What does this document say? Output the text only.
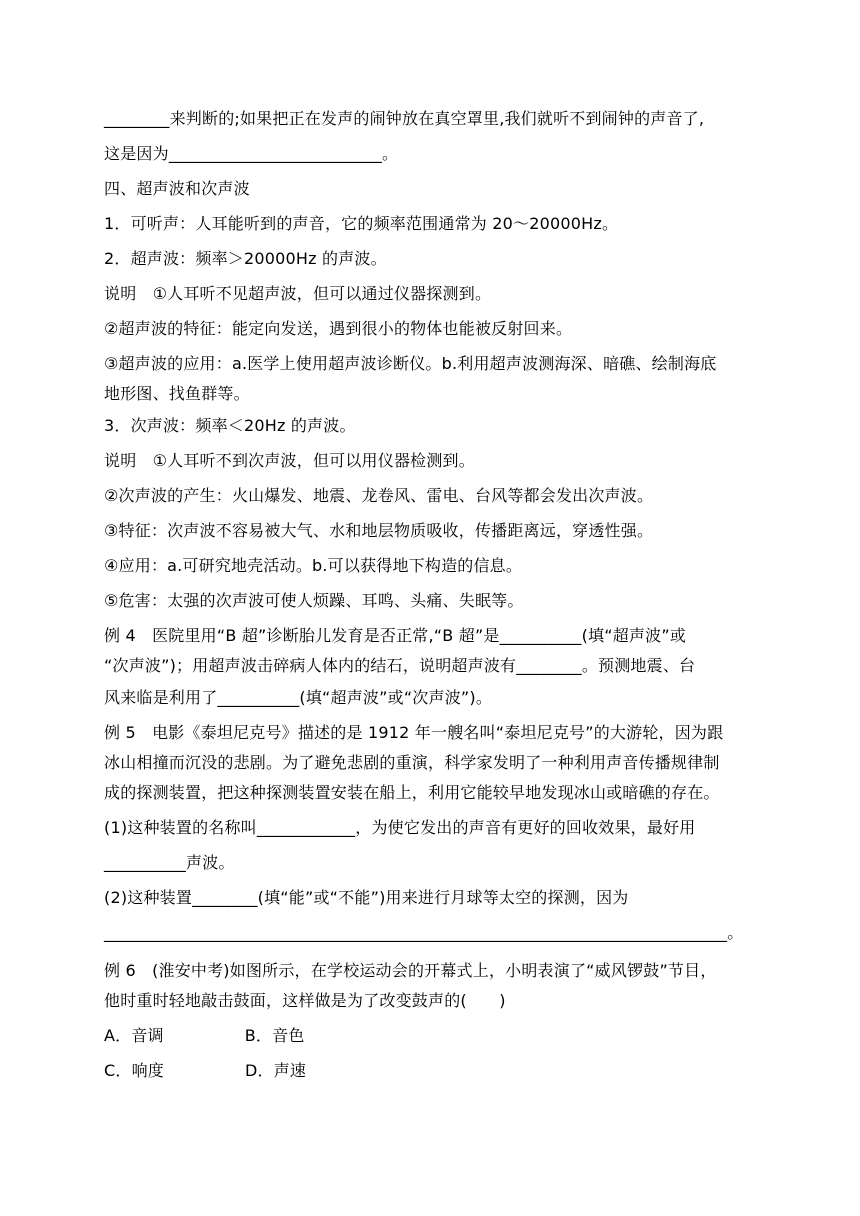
________来判断的;如果把正在发声的闹钟放在真空罩里,我们就听不到闹钟的声音了,
这是因为__________________________。
四、超声波和次声波
1．可听声：人耳能听到的声音，它的频率范围通常为 20～20000Hz。
2．超声波：频率＞20000Hz 的声波。
说明　①人耳听不见超声波，但可以通过仪器探测到。
②超声波的特征：能定向发送，遇到很小的物体也能被反射回来。
③超声波的应用：a.医学上使用超声波诊断仪。b.利用超声波测海深、暗礁、绘制海底
地形图、找鱼群等。
3．次声波：频率＜20Hz 的声波。
说明　①人耳听不到次声波，但可以用仪器检测到。
②次声波的产生：火山爆发、地震、龙卷风、雷电、台风等都会发出次声波。
③特征：次声波不容易被大气、水和地层物质吸收，传播距离远，穿透性强。
④应用：a.可研究地壳活动。b.可以获得地下构造的信息。
⑤危害：太强的次声波可使人烦躁、耳鸣、头痛、失眠等。
例 4　医院里用“B 超”诊断胎儿发育是否正常,“B 超”是__________(填“超声波”或
“次声波”)；用超声波击碎病人体内的结石，说明超声波有________。预测地震、台
风来临是利用了__________(填“超声波”或“次声波”)。
例 5　电影《泰坦尼克号》描述的是 1912 年一艘名叫“泰坦尼克号”的大游轮，因为跟
冰山相撞而沉没的悲剧。为了避免悲剧的重演，科学家发明了一种利用声音传播规律制
成的探测装置，把这种探测装置安装在船上，利用它能较早地发现冰山或暗礁的存在。
(1)这种装置的名称叫____________，为使它发出的声音有更好的回收效果，最好用
__________声波。
(2)这种装置________(填“能”或“不能”)用来进行月球等太空的探测，因为
____________________________________________________________________________。
例 6　(淮安中考)如图所示，在学校运动会的开幕式上，小明表演了“威风锣鼓”节目，
他时重时轻地敲击鼓面，这样做是为了改变鼓声的(　　)
A．音调　　　　　B．音色
C．响度　　　　　D．声速
